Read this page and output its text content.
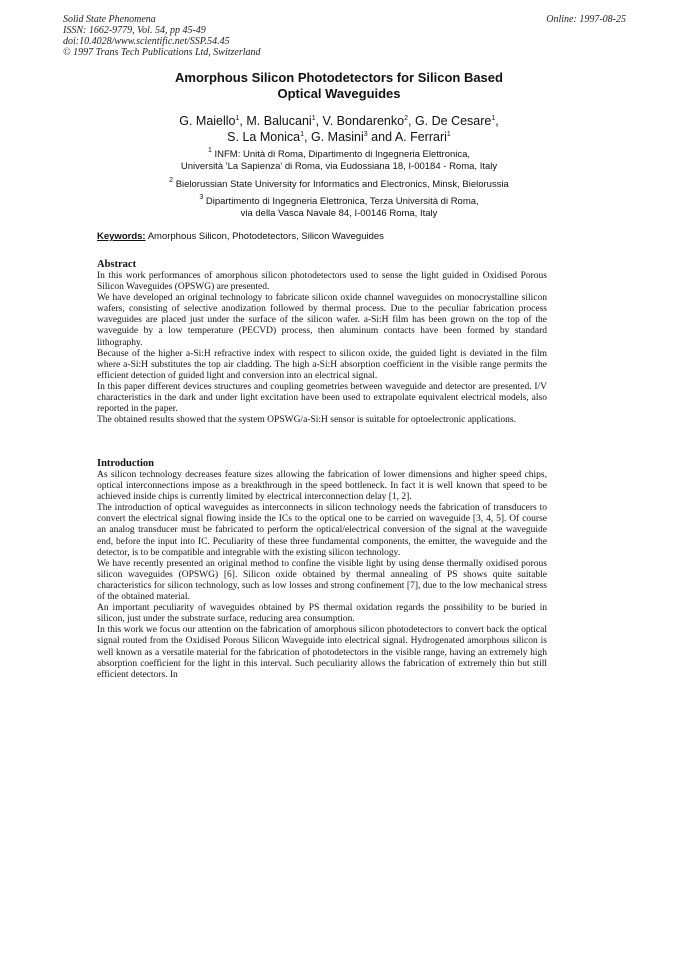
Solid State Phenomena
ISSN: 1662-9779, Vol. 54, pp 45-49
doi:10.4028/www.scientific.net/SSP.54.45
© 1997 Trans Tech Publications Ltd, Switzerland
Online: 1997-08-25
Amorphous Silicon Photodetectors for Silicon Based
Optical Waveguides
G. Maiello$^1$, M. Balucani$^1$, V. Bondarenko$^2$, G. De Cesare$^1$,
S. La Monica$^1$, G. Masini$^3$ and A. Ferrari$^1$
$^1$ INFM: Unità di Roma, Dipartimento di Ingegneria Elettronica,
Università 'La Sapienza' di Roma, via Eudossiana 18, I-00184 - Roma, Italy
$^2$ Bielorussian State University for Informatics and Electronics, Minsk, Bielorussia
$^3$ Dipartimento di Ingegneria Elettronica, Terza Università di Roma,
via della Vasca Navale 84, I-00146 Roma, Italy
Keywords: Amorphous Silicon, Photodetectors, Silicon Waveguides
Abstract
In this work performances of amorphous silicon photodetectors used to sense the light guided in Oxidised Porous Silicon Waveguides (OPSWG) are presented.
We have developed an original technology to fabricate silicon oxide channel waveguides on monocrystalline silicon wafers, consisting of selective anodization followed by thermal process. Due to the peculiar fabrication process waveguides are placed just under the surface of the silicon wafer. a-Si:H film has been grown on the top of the waveguide by a low temperature (PECVD) process, then aluminum contacts have been formed by standard lithography.
Because of the higher a-Si:H refractive index with respect to silicon oxide, the guided light is deviated in the film where a-Si:H substitutes the top air cladding. The high a-Si:H absorption coefficient in the visible range permits the efficient detection of guided light and conversion into an electrical signal.
In this paper different devices structures and coupling geometries between waveguide and detector are presented. I/V characteristics in the dark and under light excitation have been used to extrapolate equivalent electrical models, also reported in the paper.
The obtained results showed that the system OPSWG/a-Si:H sensor is suitable for optoelectronic applications.
Introduction
As silicon technology decreases feature sizes allowing the fabrication of lower dimensions and higher speed chips, optical interconnections impose as a breakthrough in the speed bottleneck. In fact it is well known that speed to be achieved inside chips is currently limited by electrical interconnection delay [1, 2].
The introduction of optical waveguides as interconnects in silicon technology needs the fabrication of transducers to convert the electrical signal flowing inside the ICs to the optical one to be carried on waveguide [3, 4, 5]. Of course an analog transducer must be fabricated to perform the optical/electrical conversion of the signal at the waveguide end, before the input into IC. Peculiarity of these three fundamental components, the emitter, the waveguide and the detector, is to be compatible and integrable with the existing silicon technology.
We have recently presented an original method to confine the visible light by using dense thermally oxidised porous silicon waveguides (OPSWG) [6]. Silicon oxide obtained by thermal annealing of PS shows quite suitable characteristics for silicon technology, such as low losses and strong confinement [7], due to the low mechanical stress of the obtained material.
An important peculiarity of waveguides obtained by PS thermal oxidation regards the possibility to be buried in silicon, just under the substrate surface, reducing area consumption.
In this work we focus our attention on the fabrication of amorphous silicon photodetectors to convert back the optical signal routed from the Oxidised Porous Silicon Waveguide into electrical signal. Hydrogenated amorphous silicon is well known as a versatile material for the fabrication of photodetectors in the visible range, having an extremely high absorption coefficient for the light in this interval. Such peculiarity allows the fabrication of extremely thin but still efficient detectors. In
